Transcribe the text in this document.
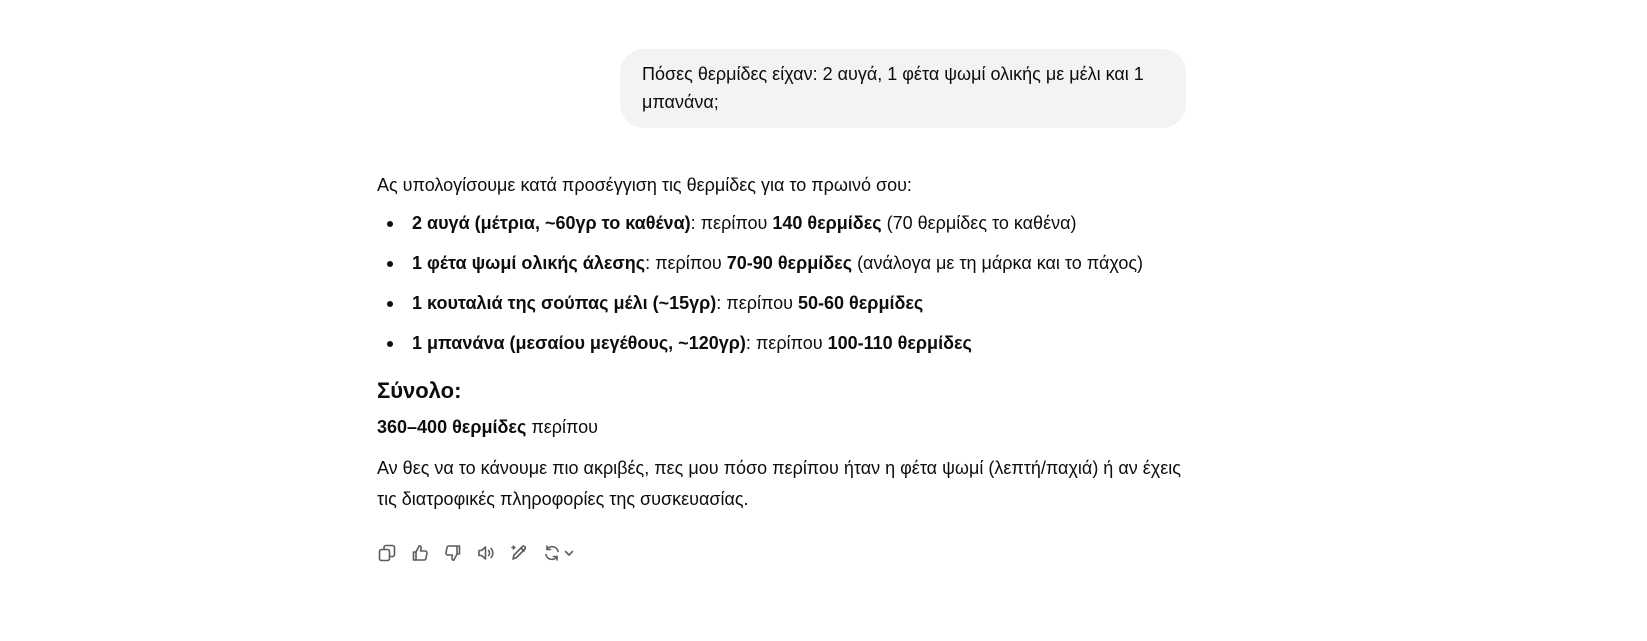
Πόσες θερμίδες είχαν: 2 αυγά, 1 φέτα ψωμί ολικής με μέλι και 1 μπανάνα;

Ας υπολογίσουμε κατά προσέγγιση τις θερμίδες για το πρωινό σου:

2 αυγά (μέτρια, ~60γρ το καθένα): περίπου 140 θερμίδες (70 θερμίδες το καθένα)
1 φέτα ψωμί ολικής άλεσης: περίπου 70-90 θερμίδες (ανάλογα με τη μάρκα και το πάχος)
1 κουταλιά της σούπας μέλι (~15γρ): περίπου 50-60 θερμίδες
1 μπανάνα (μεσαίου μεγέθους, ~120γρ): περίπου 100-110 θερμίδες
Σύνολο:

360–400 θερμίδες περίπου

Αν θες να το κάνουμε πιο ακριβές, πες μου πόσο περίπου ήταν η φέτα ψωμί (λεπτή/παχιά) ή αν έχεις τις διατροφικές πληροφορίες της συσκευασίας.
